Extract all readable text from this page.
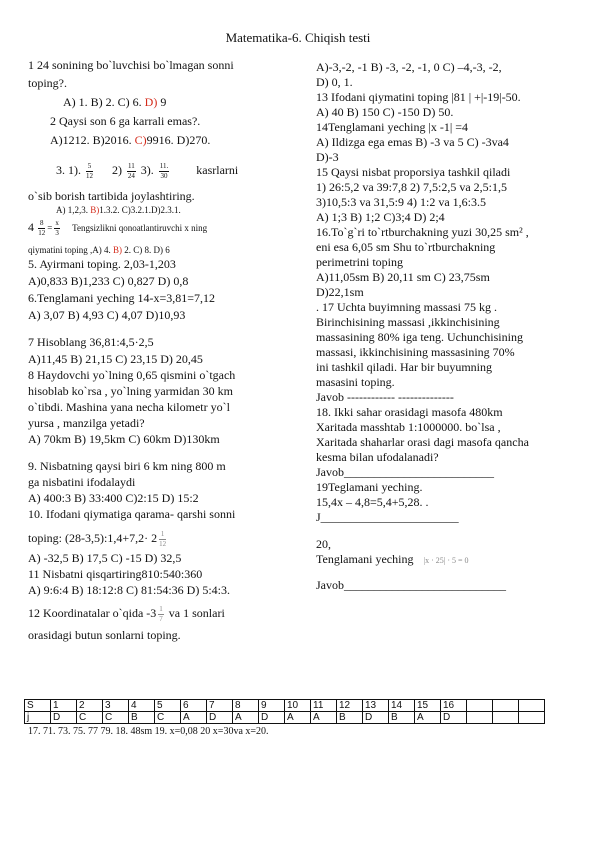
Matematika-6. Chiqish testi
1 24 sonining bo`luvchisi bo`lmagan sonni
toping?.
A) 1. B) 2. C) 6. D) 9
2 Qaysi son 6 ga karrali emas?.
A)1212. B)2016. C)9916. D)270.
3. 1). $\frac{5}{12} 2) \frac{11}{24} 3$). $\frac{11.}{30}$ kasrlarni
o`sib borish tartibida joylashtiring.
A) 1,2,3. B)1.3.2. C)3.2.1.D)2.3.1.
$4 \frac{8}{12} = \frac{x}{3}$ Tengsizliknі qonoatlantiruvchi x ning
qiymatini toping ,A) 4. B) 2. C) 8. D) 6
5. Ayirmani toping. 2,03-1,203
A)0,833 B)1,233 C) 0,827 D) 0,8
6.Tenglamani yeching 14-x=3,81=7,12
A) 3,07 B) 4,93 C) 4,07 D)10,93
7 Hisoblang 36,81:4,5·2,5
A)11,45 B) 21,15 C) 23,15 D) 20,45
8 Haydovchi yo`lning 0,65 qismini o`tgach
hisoblab ko`rsa , yo`lning yarmidan 30 km
o`tibdi. Mashina yana necha kilometr yo`l
yursa , manzilga yetadi?
A) 70km B) 19,5km C) 60km D)130km
9. Nisbatning qaysi biri 6 km ning 800 m
ga nisbatini ifodalaydi
A) 400:3 B) 33:400 C)2:15 D) 15:2
10. Ifodani qiymatiga qarama- qarshi sonni
toping: (28-3,5):1,4+7,2· $2 \frac{1}{12}$
A) -32,5 B) 17,5 C) -15 D) 32,5
11 Nisbatni qisqartiring810:540:360
A) 9:6:4 B) 18:12:8 C) 81:54:36 D) 5:4:3.
12 Koordinatalar o`qida $-3 \frac{1}{7}$ va 1 sonlari
orasidagi butun sonlarni toping.
A)-3,-2, -1 B) -3, -2, -1, 0 C) –4,-3, -2,
D) 0, 1.
13 Ifodani qiymatini toping |81 | +|-19|-50.
A) 40 B) 150 C) -150 D) 50.
14Tenglamani yeching |x -1| =4
A) Ildizga ega emas B) -3 va 5 C) -3va4
D)-3
15 Qaysi nisbat proporsiya tashkil qiladi
1) 26:5,2 va 39:7,8 2) 7,5:2,5 va 2,5:1,5
3)10,5:3 va 31,5:9 4) 1:2 va 1,6:3.5
A) 1;3 B) 1;2 C)3;4 D) 2;4
16.To`g`ri to`rtburchakning yuzi 30,25 sm² ,
eni esa 6,05 sm Shu to`rtburchakning
perimetrini toping
A)11,05sm B) 20,11 sm C) 23,75sm
D)22,1sm
. 17 Uchta buyimning massasi 75 kg .
Birinchisining massasi ,ikkinchisining
massasining 80% iga teng. Uchunchisining
massasi, ikkinchisining massasining 70%
ini tashkil qiladi. Har bir buyumning
masasini toping.
Javob ------------ --------------
18. Ikki sahar orasidagi masofa 480km
Xaritada masshtab 1:1000000. bo`lsa ,
Xaritada shaharlar orasi dagi masofa qancha
kesma bilan ufodalanadi?
Javob_________________________
19Teglamani yeching.
15,4x – 4,8=5,4+5,28. .
J_______________________
20,
Tenglamani yeching |x · 25| · 5 = 0
Javob___________________________
S	1	2	3	4	5	6	7	8	9	10	11	12	13	14	15	16			
j	D	C	C	B	C	A	D	A	D	A	A	B	D	B	A	D			
17. 71. 73. 75. 77 79. 18. 48sm 19. x=0,08 20 x=30va x=20.
